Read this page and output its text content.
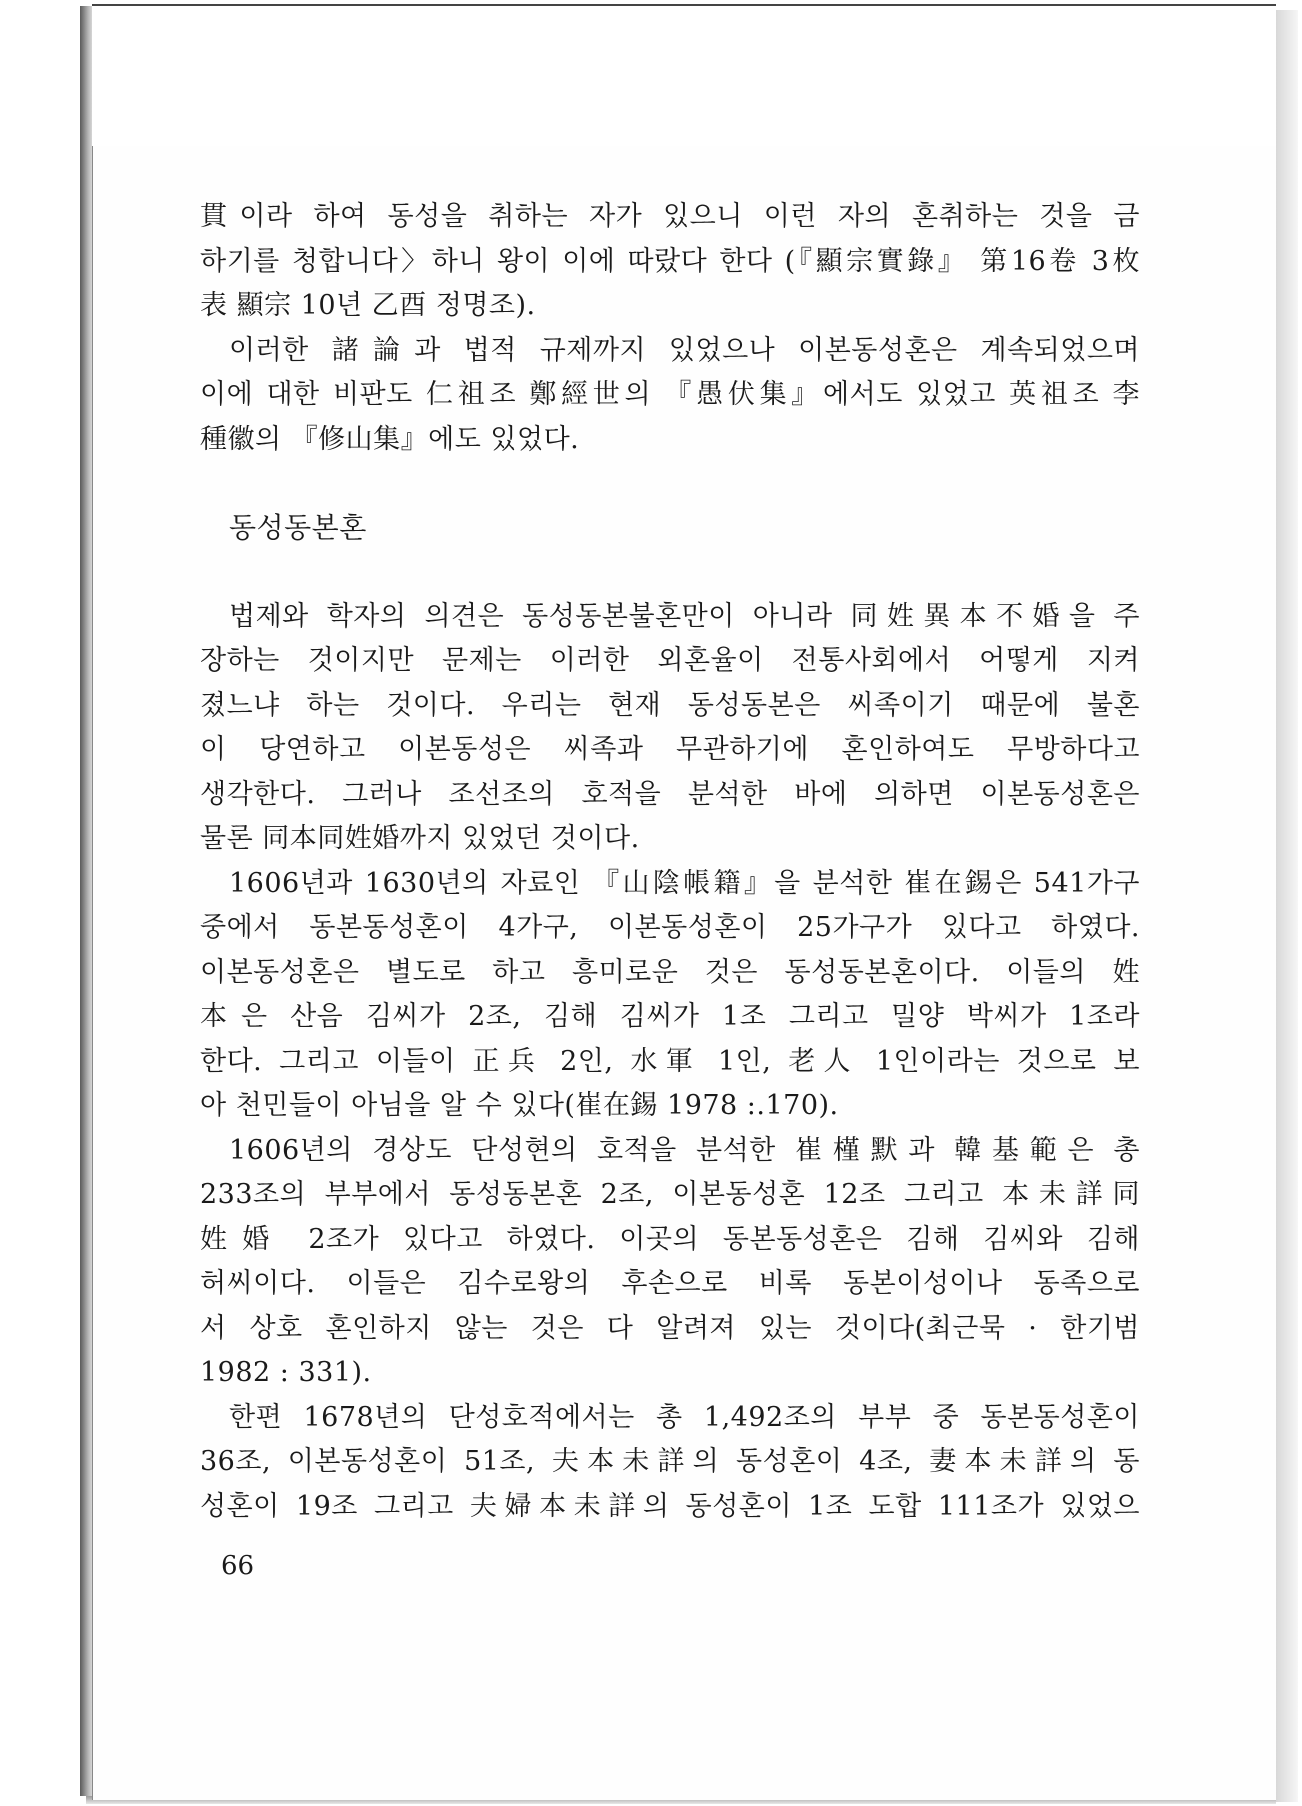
貫이라 하여 동성을 취하는 자가 있으니 이런 자의 혼취하는 것을 금
하기를 청합니다〉하니 왕이 이에 따랐다 한다 (『顯宗實錄』 第16卷 3枚
表 顯宗 10년 乙酉 정명조).
이러한 諸論과 법적 규제까지 있었으나 이본동성혼은 계속되었으며
이에 대한 비판도 仁祖조 鄭經世의 『愚伏集』에서도 있었고 英祖조 李
種徽의 『修山集』에도 있었다.
동성동본혼
법제와 학자의 의견은 동성동본불혼만이 아니라 同姓異本不婚을 주
장하는 것이지만 문제는 이러한 외혼율이 전통사회에서 어떻게 지켜
졌느냐 하는 것이다. 우리는 현재 동성동본은 씨족이기 때문에 불혼
이 당연하고 이본동성은 씨족과 무관하기에 혼인하여도 무방하다고
생각한다. 그러나 조선조의 호적을 분석한 바에 의하면 이본동성혼은
물론 同本同姓婚까지 있었던 것이다.
1606년과 1630년의 자료인 『山陰帳籍』을 분석한 崔在錫은 541가구
중에서 동본동성혼이 4가구, 이본동성혼이 25가구가 있다고 하였다.
이본동성혼은 별도로 하고 흥미로운 것은 동성동본혼이다. 이들의 姓
本은 산음 김씨가 2조, 김해 김씨가 1조 그리고 밀양 박씨가 1조라
한다. 그리고 이들이 正兵 2인, 水軍 1인, 老人 1인이라는 것으로 보
아 천민들이 아님을 알 수 있다(崔在錫 1978 :.170).
1606년의 경상도 단성현의 호적을 분석한 崔槿默과 韓基範은 총
233조의 부부에서 동성동본혼 2조, 이본동성혼 12조 그리고 本未詳同
姓婚 2조가 있다고 하였다. 이곳의 동본동성혼은 김해 김씨와 김해
허씨이다. 이들은 김수로왕의 후손으로 비록 동본이성이나 동족으로
서 상호 혼인하지 않는 것은 다 알려져 있는 것이다(최근묵 · 한기범
1982 : 331).
한편 1678년의 단성호적에서는 총 1,492조의 부부 중 동본동성혼이
36조, 이본동성혼이 51조, 夫本未詳의 동성혼이 4조, 妻本未詳의 동
성혼이 19조 그리고 夫婦本未詳의 동성혼이 1조 도합 111조가 있었으
66
